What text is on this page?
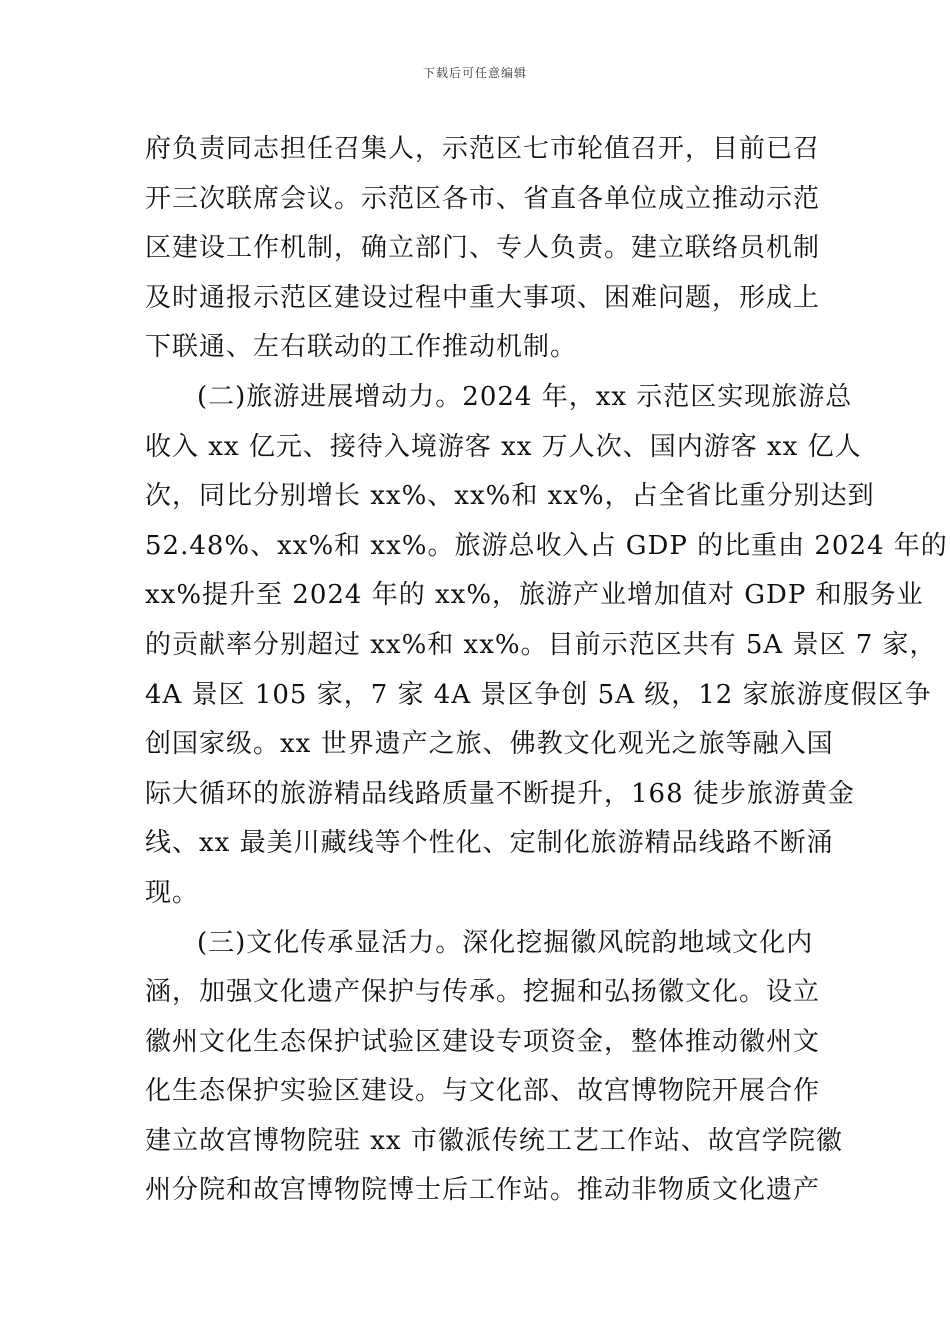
下载后可任意编辑
府负责同志担任召集人，示范区七市轮值召开，目前已召
开三次联席会议。示范区各市、省直各单位成立推动示范
区建设工作机制，确立部门、专人负责。建立联络员机制
及时通报示范区建设过程中重大事项、困难问题，形成上
下联通、左右联动的工作推动机制。
(二)旅游进展增动力。2024 年，xx 示范区实现旅游总
收入 xx 亿元、接待入境游客 xx 万人次、国内游客 xx 亿人
次，同比分别增长 xx%、xx%和 xx%，占全省比重分别达到
52.48%、xx%和 xx%。旅游总收入占 GDP 的比重由 2024 年的
xx%提升至 2024 年的 xx%，旅游产业增加值对 GDP 和服务业
的贡献率分别超过 xx%和 xx%。目前示范区共有 5A 景区 7 家，
4A 景区 105 家，7 家 4A 景区争创 5A 级，12 家旅游度假区争
创国家级。xx 世界遗产之旅、佛教文化观光之旅等融入国
际大循环的旅游精品线路质量不断提升，168 徒步旅游黄金
线、xx 最美川藏线等个性化、定制化旅游精品线路不断涌
现。
(三)文化传承显活力。深化挖掘徽风皖韵地域文化内
涵，加强文化遗产保护与传承。挖掘和弘扬徽文化。设立
徽州文化生态保护试验区建设专项资金，整体推动徽州文
化生态保护实验区建设。与文化部、故宫博物院开展合作
建立故宫博物院驻 xx 市徽派传统工艺工作站、故宫学院徽
州分院和故宫博物院博士后工作站。推动非物质文化遗产
